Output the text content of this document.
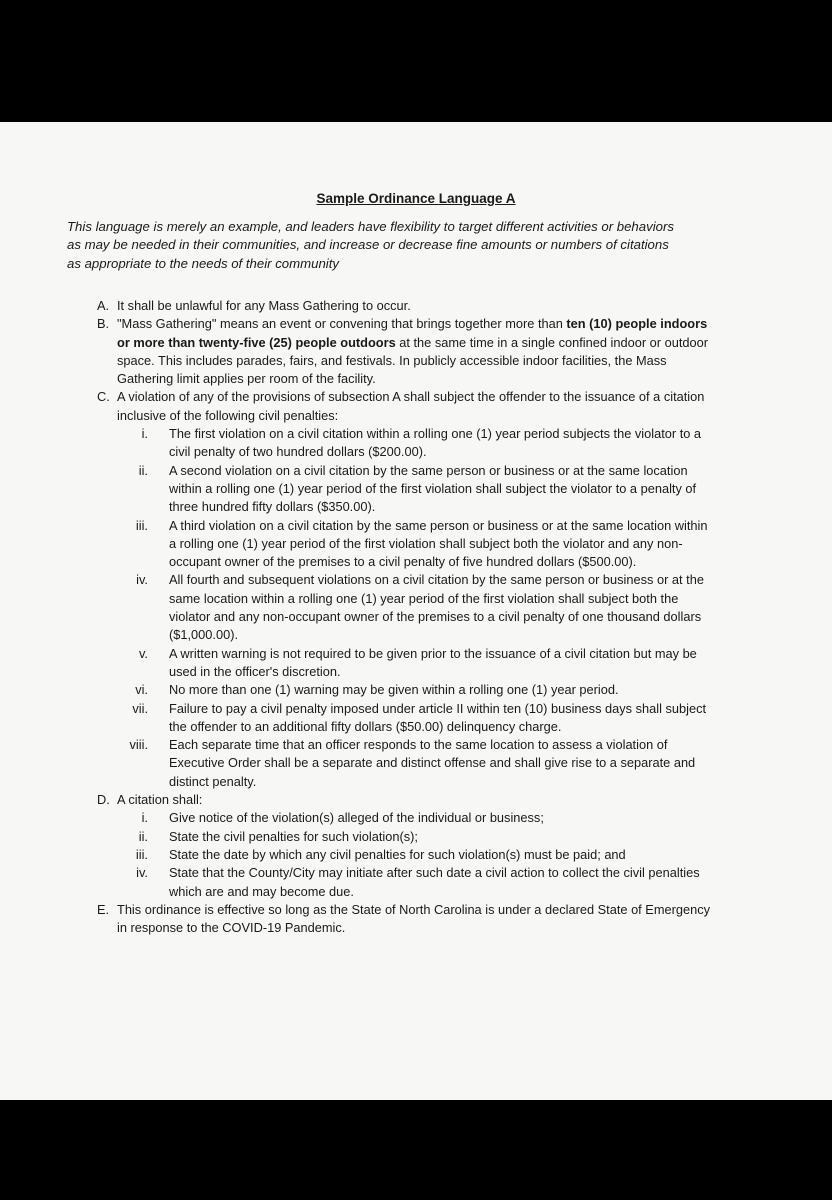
Sample Ordinance Language A

This language is merely an example, and leaders have flexibility to target different activities or behaviors

as may be needed in their communities, and increase or decrease fine amounts or numbers of citations

as appropriate to the needs of their community

A. It shall be unlawful for any Mass Gathering to occur.
B. "Mass Gathering" means an event or convening that brings together more than ten (10) people indoors or more than twenty-five (25) people outdoors at the same time in a single confined indoor or outdoor space. This includes parades, fairs, and festivals. In publicly accessible indoor facilities, the Mass Gathering limit applies per room of the facility.
C. A violation of any of the provisions of subsection A shall subject the offender to the issuance of a citation inclusive of the following civil penalties:
i. The first violation on a civil citation within a rolling one (1) year period subjects the violator to a civil penalty of two hundred dollars ($200.00).
ii. A second violation on a civil citation by the same person or business or at the same location within a rolling one (1) year period of the first violation shall subject the violator to a penalty of three hundred fifty dollars ($350.00).
iii. A third violation on a civil citation by the same person or business or at the same location within a rolling one (1) year period of the first violation shall subject both the violator and any non-occupant owner of the premises to a civil penalty of five hundred dollars ($500.00).
iv. All fourth and subsequent violations on a civil citation by the same person or business or at the same location within a rolling one (1) year period of the first violation shall subject both the violator and any non-occupant owner of the premises to a civil penalty of one thousand dollars ($1,000.00).
v. A written warning is not required to be given prior to the issuance of a civil citation but may be used in the officer's discretion.
vi. No more than one (1) warning may be given within a rolling one (1) year period.
vii. Failure to pay a civil penalty imposed under article II within ten (10) business days shall subject the offender to an additional fifty dollars ($50.00) delinquency charge.
viii. Each separate time that an officer responds to the same location to assess a violation of Executive Order shall be a separate and distinct offense and shall give rise to a separate and distinct penalty.
D. A citation shall:
i. Give notice of the violation(s) alleged of the individual or business;
ii. State the civil penalties for such violation(s);
iii. State the date by which any civil penalties for such violation(s) must be paid; and
iv. State that the County/City may initiate after such date a civil action to collect the civil penalties which are and may become due.
E. This ordinance is effective so long as the State of North Carolina is under a declared State of Emergency in response to the COVID-19 Pandemic.
